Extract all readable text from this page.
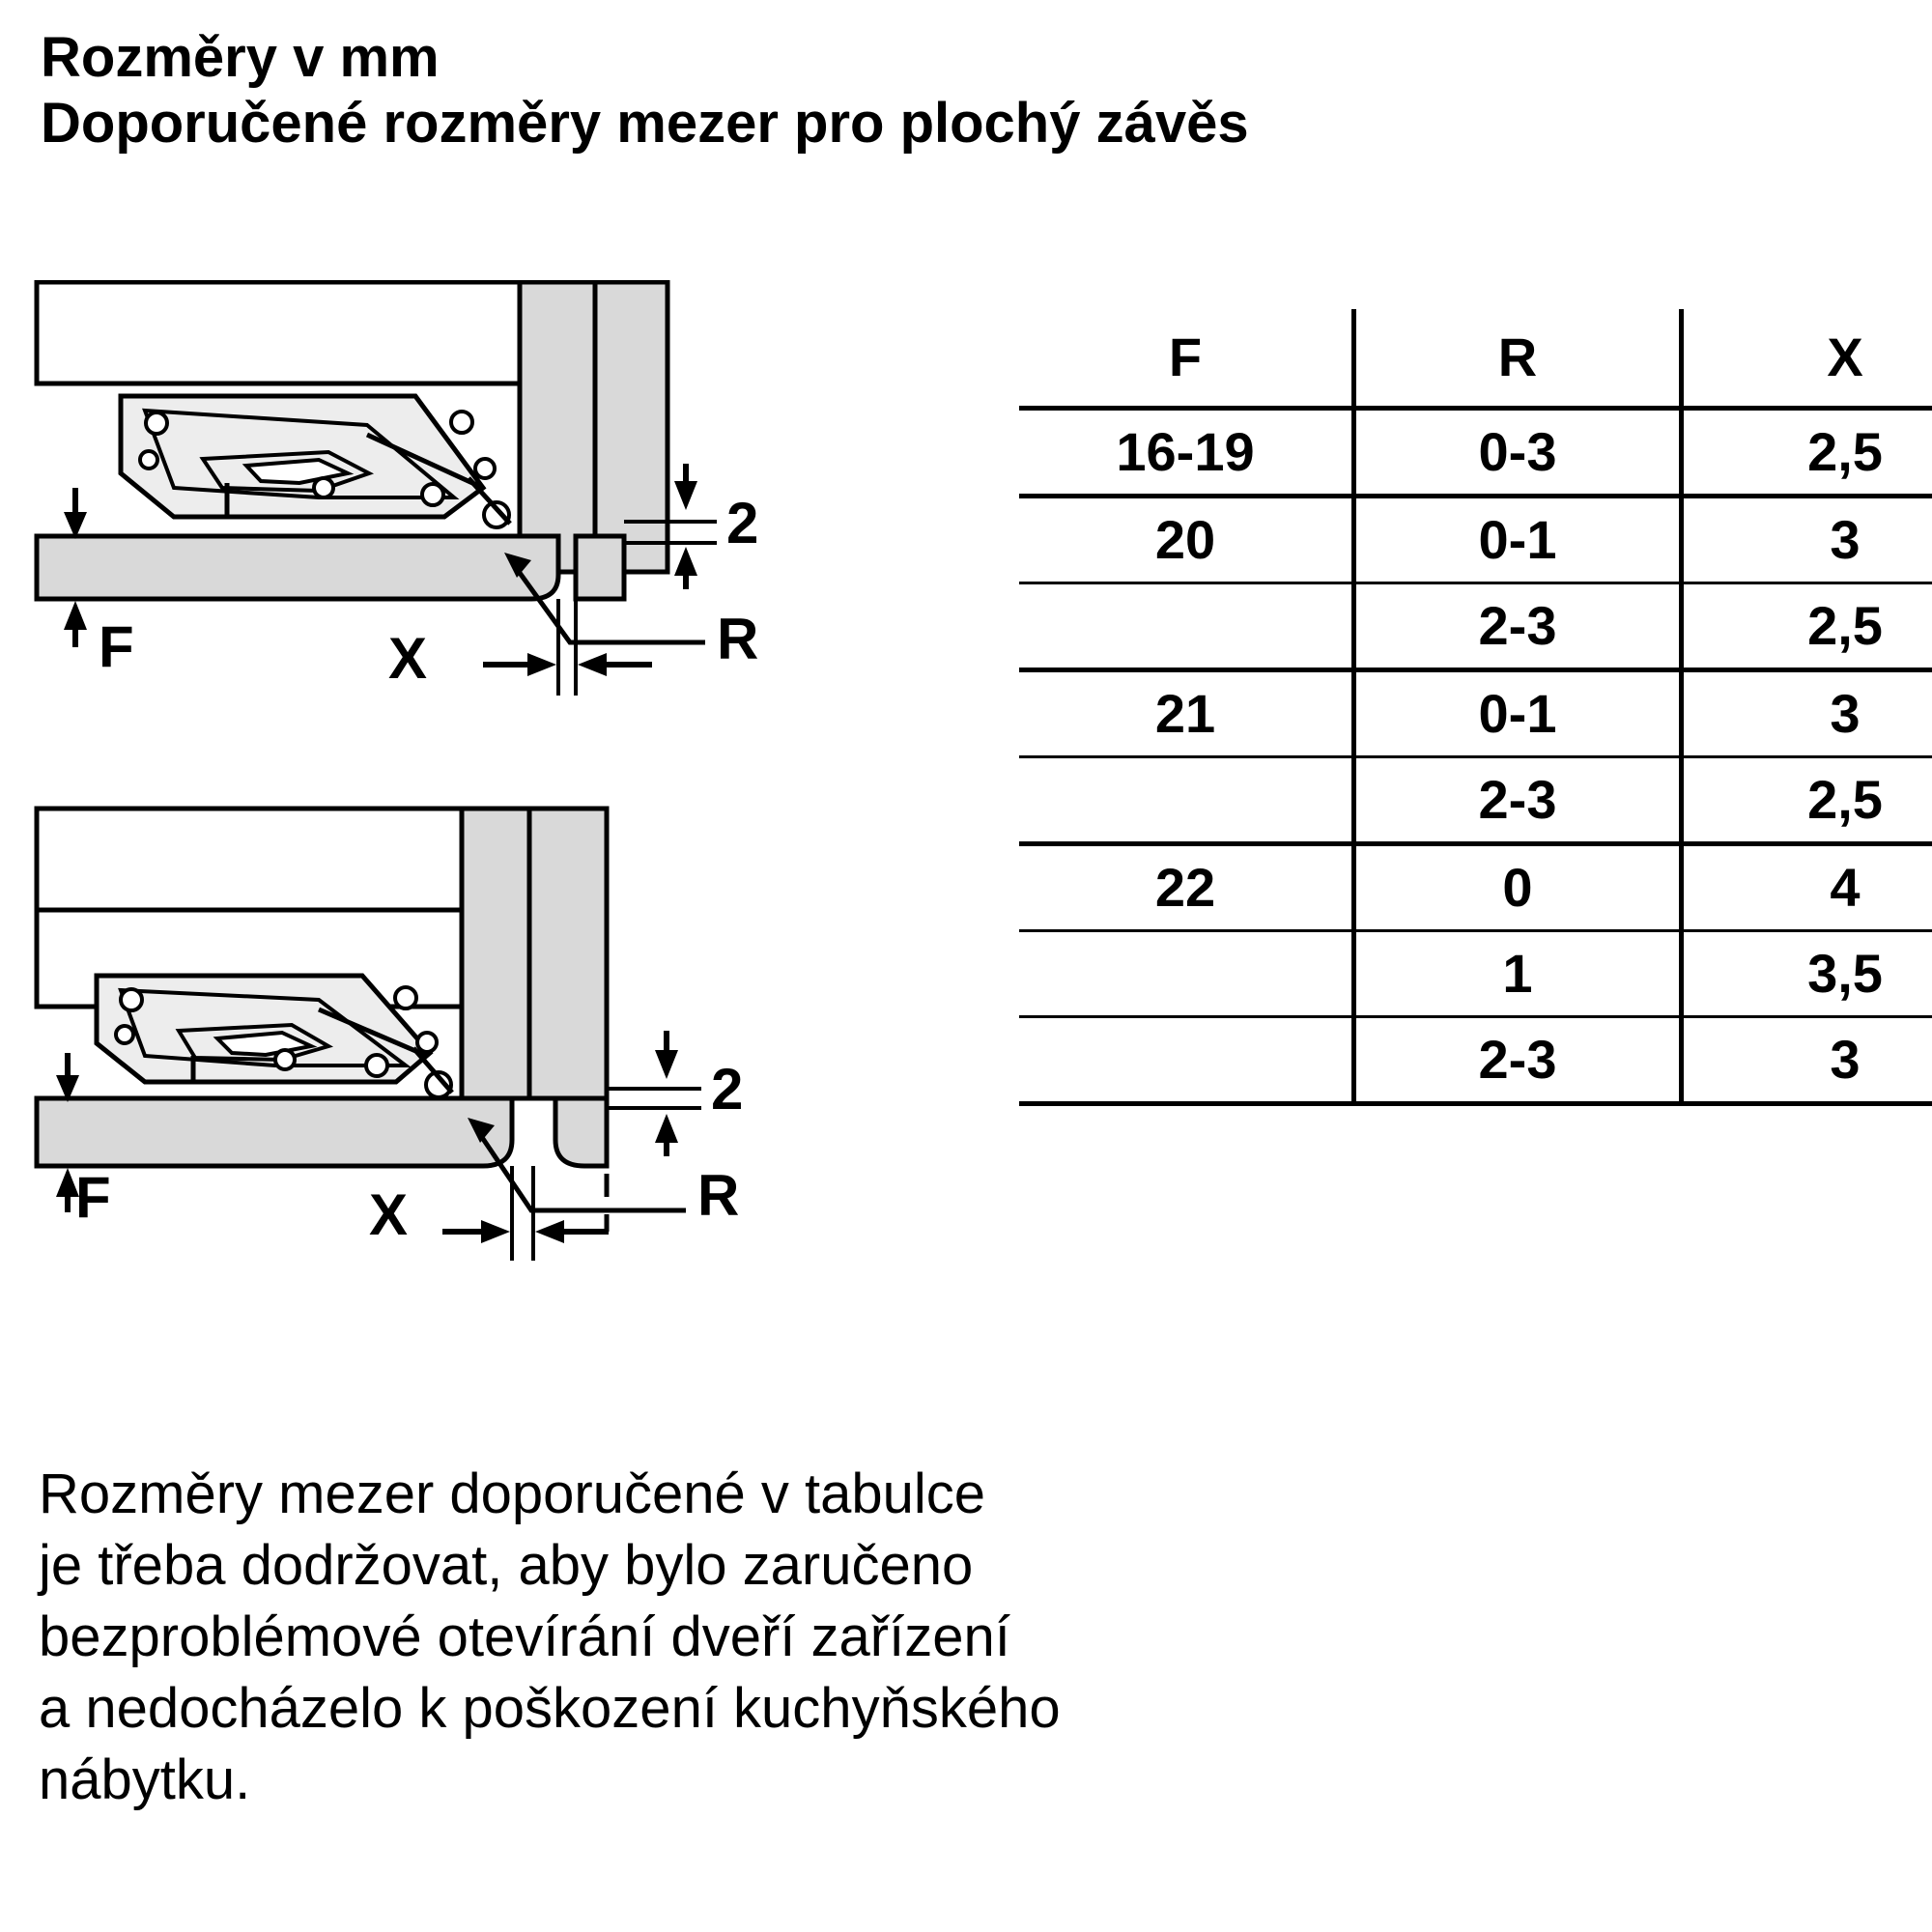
Rozměry v mm
Doporučené rozměry mezer pro plochý závěs
2
F	X	R
2
F	X	R
F	R	X
16-19	0-3	2,5
20	0-1	3
	2-3	2,5
21	0-1	3
	2-3	2,5
22	0	4
	1	3,5
	2-3	3
Rozměry mezer doporučené v tabulce
je třeba dodržovat, aby bylo zaručeno
bezproblémové otevírání dveří zařízení
a nedocházelo k poškození kuchyňského
nábytku.
